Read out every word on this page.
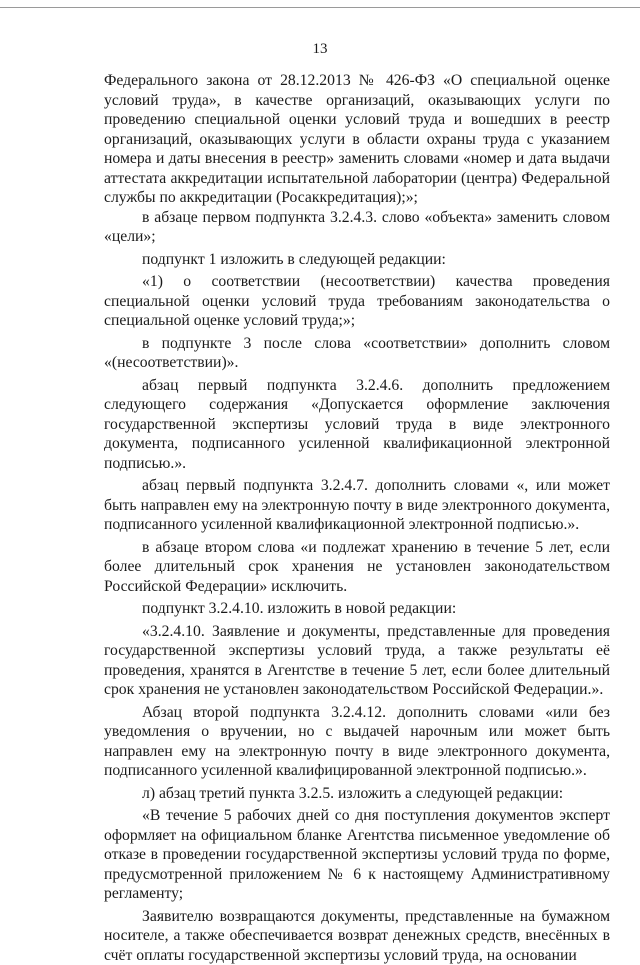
13

Федерального закона от 28.12.2013 № 426-ФЗ «О специальной оценке условий труда», в качестве организаций, оказывающих услуги по проведению специальной оценки условий труда и вошедших в реестр организаций, оказывающих услуги в области охраны труда с указанием номера и даты внесения в реестр» заменить словами «номер и дата выдачи аттестата аккредитации испытательной лаборатории (центра) Федеральной службы по аккредитации (Росаккредитация);»;

в абзаце первом подпункта 3.2.4.3. слово «объекта» заменить словом «цели»;

подпункт 1 изложить в следующей редакции:

«1) о соответствии (несоответствии) качества проведения специальной оценки условий труда требованиям законодательства о специальной оценке условий труда;»;

в подпункте 3 после слова «соответствии» дополнить словом «(несоответствии)».

абзац первый подпункта 3.2.4.6. дополнить предложением следующего содержания «Допускается оформление заключения государственной экспертизы условий труда в виде электронного документа, подписанного усиленной квалификационной электронной подписью.».

абзац первый подпункта 3.2.4.7. дополнить словами «, или может быть направлен ему на электронную почту в виде электронного документа, подписанного усиленной квалификационной электронной подписью.».

в абзаце втором слова «и подлежат хранению в течение 5 лет, если более длительный срок хранения не установлен законодательством Российской Федерации» исключить.

подпункт 3.2.4.10. изложить в новой редакции:

«3.2.4.10. Заявление и документы, представленные для проведения государственной экспертизы условий труда, а также результаты её проведения, хранятся в Агентстве в течение 5 лет, если более длительный срок хранения не установлен законодательством Российской Федерации.».

Абзац второй подпункта 3.2.4.12. дополнить словами «или без уведомления о вручении, но с выдачей нарочным или может быть направлен ему на электронную почту в виде электронного документа, подписанного усиленной квалифицированной электронной подписью.».

л) абзац третий пункта 3.2.5. изложить а следующей редакции:

«В течение 5 рабочих дней со дня поступления документов эксперт оформляет на официальном бланке Агентства письменное уведомление об отказе в проведении государственной экспертизы условий труда по форме, предусмотренной приложением № 6 к настоящему Административному регламенту;

Заявителю возвращаются документы, представленные на бумажном носителе, а также обеспечивается возврат денежных средств, внесённых в счёт оплаты государственной экспертизы условий труда, на основании
